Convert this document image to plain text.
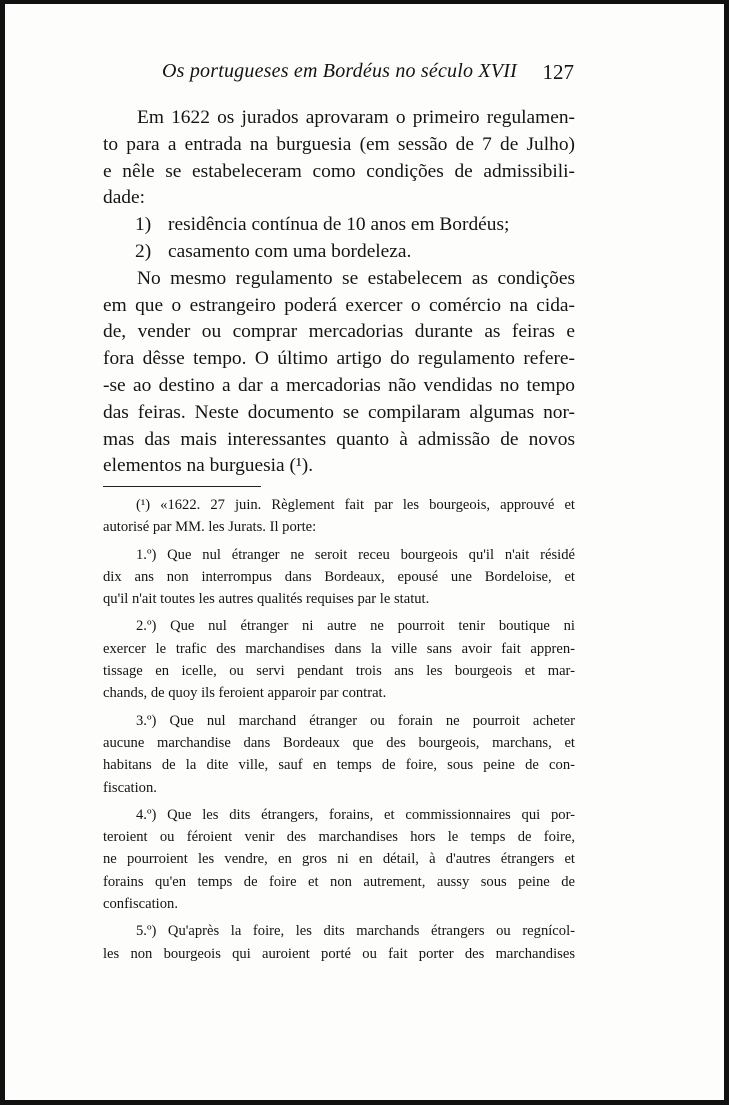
Os portugueses em Bordéus no século XVII 127
Em 1622 os jurados aprovaram o primeiro regulamen-
to para a entrada na burguesia (em sessão de 7 de Julho)
e nêle se estabeleceram como condições de admissibili-
dade:
1) residência contínua de 10 anos em Bordéus;
2) casamento com uma bordeleza.
No mesmo regulamento se estabelecem as condições
em que o estrangeiro poderá exercer o comércio na cida-
de, vender ou comprar mercadorias durante as feiras e
fora dêsse tempo. O último artigo do regulamento refere-
-se ao destino a dar a mercadorias não vendidas no tempo
das feiras. Neste documento se compilaram algumas nor-
mas das mais interessantes quanto à admissão de novos
elementos na burguesia (¹).
(¹) «1622. 27 juin. Règlement fait par les bourgeois, approuvé et
autorisé par MM. les Jurats. Il porte:
1.º) Que nul étranger ne seroit receu bourgeois qu'il n'ait résidé
dix ans non interrompus dans Bordeaux, epousé une Bordeloise, et
qu'il n'ait toutes les autres qualités requises par le statut.
2.º) Que nul étranger ni autre ne pourroit tenir boutique ni
exercer le trafic des marchandises dans la ville sans avoir fait appren-
tissage en icelle, ou servi pendant trois ans les bourgeois et mar-
chands, de quoy ils feroient apparoir par contrat.
3.º) Que nul marchand étranger ou forain ne pourroit acheter
aucune marchandise dans Bordeaux que des bourgeois, marchans, et
habitans de la dite ville, sauf en temps de foire, sous peine de con-
fiscation.
4.º) Que les dits étrangers, forains, et commissionnaires qui por-
teroient ou féroient venir des marchandises hors le temps de foire,
ne pourroient les vendre, en gros ni en détail, à d'autres étrangers et
forains qu'en temps de foire et non autrement, aussy sous peine de
confiscation.
5.º) Qu'après la foire, les dits marchands étrangers ou regnícol-
les non bourgeois qui auroient porté ou fait porter des marchandises
